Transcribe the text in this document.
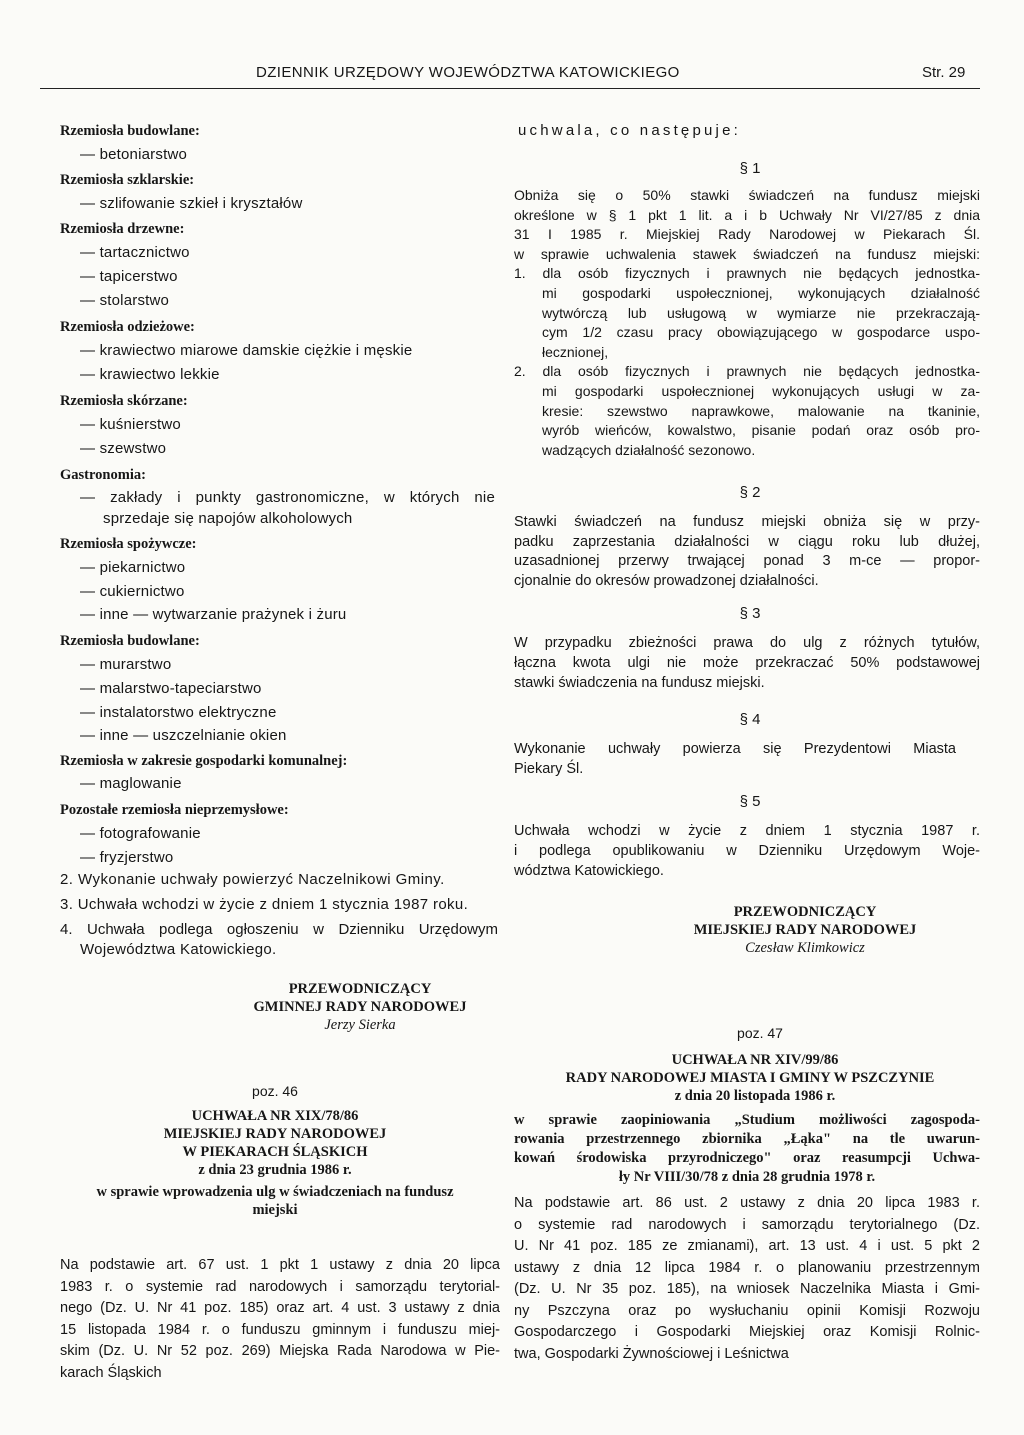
DZIENNIK URZĘDOWY WOJEWÓDZTWA KATOWICKIEGO	Str. 29
Rzemiosła budowlane:
— betoniarstwo
Rzemiosła szklarskie:
— szlifowanie szkieł i kryształów
Rzemiosła drzewne:
— tartacznictwo
— tapicerstwo
— stolarstwo
Rzemiosła odzieżowe:
— krawiectwo miarowe damskie ciężkie i męskie
— krawiectwo lekkie
Rzemiosła skórzane:
— kuśnierstwo
— szewstwo
Gastronomia:
— zakłady i punkty gastronomiczne, w których nie
sprzedaje się napojów alkoholowych
Rzemiosła spożywcze:
— piekarnictwo
— cukiernictwo
— inne — wytwarzanie prażynek i żuru
Rzemiosła budowlane:
— murarstwo
— malarstwo-tapeciarstwo
— instalatorstwo elektryczne
— inne — uszczelnianie okien
Rzemiosła w zakresie gospodarki komunalnej:
— maglowanie
Pozostałe rzemiosła nieprzemysłowe:
— fotografowanie
— fryzjerstwo
2. Wykonanie uchwały powierzyć Naczelnikowi Gminy.
3. Uchwała wchodzi w życie z dniem 1 stycznia 1987 roku.
4. Uchwała podlega ogłoszeniu w Dzienniku Urzędowym
Województwa Katowickiego.
PRZEWODNICZĄCY
GMINNEJ RADY NARODOWEJ
Jerzy Sierka
poz. 46
UCHWAŁA NR XIX/78/86
MIEJSKIEJ RADY NARODOWEJ
W PIEKARACH ŚLĄSKICH
z dnia 23 grudnia 1986 r.
w sprawie wprowadzenia ulg w świadczeniach na fundusz
miejski
Na podstawie art. 67 ust. 1 pkt 1 ustawy z dnia 20 lipca
1983 r. o systemie rad narodowych i samorządu terytorial-
nego (Dz. U. Nr 41 poz. 185) oraz art. 4 ust. 3 ustawy z dnia
15 listopada 1984 r. o funduszu gminnym i funduszu miej-
skim (Dz. U. Nr 52 poz. 269) Miejska Rada Narodowa w Pie-
karach Śląskich
uchwala, co następuje:
§ 1
Obniża się o 50% stawki świadczeń na fundusz miejski
określone w § 1 pkt 1 lit. a i b Uchwały Nr VI/27/85 z dnia
31 I 1985 r. Miejskiej Rady Narodowej w Piekarach Śl.
w sprawie uchwalenia stawek świadczeń na fundusz miejski:
1. dla osób fizycznych i prawnych nie będących jednostka-
mi gospodarki uspołecznionej, wykonujących działalność
wytwórczą lub usługową w wymiarze nie przekraczają-
cym 1/2 czasu pracy obowiązującego w gospodarce uspo-
łecznionej,
2. dla osób fizycznych i prawnych nie będących jednostka-
mi gospodarki uspołecznionej wykonujących usługi w za-
kresie: szewstwo naprawkowe, malowanie na tkaninie,
wyrób wieńców, kowalstwo, pisanie podań oraz osób pro-
wadzących działalność sezonowo.
§ 2
Stawki świadczeń na fundusz miejski obniża się w przy-
padku zaprzestania działalności w ciągu roku lub dłużej,
uzasadnionej przerwy trwającej ponad 3 m-ce — propor-
cjonalnie do okresów prowadzonej działalności.
§ 3
W przypadku zbieżności prawa do ulg z różnych tytułów,
łączna kwota ulgi nie może przekraczać 50% podstawowej
stawki świadczenia na fundusz miejski.
§ 4
Wykonanie uchwały powierza się Prezydentowi Miasta
Piekary Śl.
§ 5
Uchwała wchodzi w życie z dniem 1 stycznia 1987 r.
i podlega opublikowaniu w Dzienniku Urzędowym Woje-
wództwa Katowickiego.
PRZEWODNICZĄCY
MIEJSKIEJ RADY NARODOWEJ
Czesław Klimkowicz
poz. 47
UCHWAŁA NR XIV/99/86
RADY NARODOWEJ MIASTA I GMINY W PSZCZYNIE
z dnia 20 listopada 1986 r.
w sprawie zaopiniowania „Studium możliwości zagospoda-
rowania przestrzennego zbiornika „Łąka" na tle uwarun-
kowań środowiska przyrodniczego" oraz reasumpcji Uchwa-
ły Nr VIII/30/78 z dnia 28 grudnia 1978 r.
Na podstawie art. 86 ust. 2 ustawy z dnia 20 lipca 1983 r.
o systemie rad narodowych i samorządu terytorialnego (Dz.
U. Nr 41 poz. 185 ze zmianami), art. 13 ust. 4 i ust. 5 pkt 2
ustawy z dnia 12 lipca 1984 r. o planowaniu przestrzennym
(Dz. U. Nr 35 poz. 185), na wniosek Naczelnika Miasta i Gmi-
ny Pszczyna oraz po wysłuchaniu opinii Komisji Rozwoju
Gospodarczego i Gospodarki Miejskiej oraz Komisji Rolnic-
twa, Gospodarki Żywnościowej i Leśnictwa
